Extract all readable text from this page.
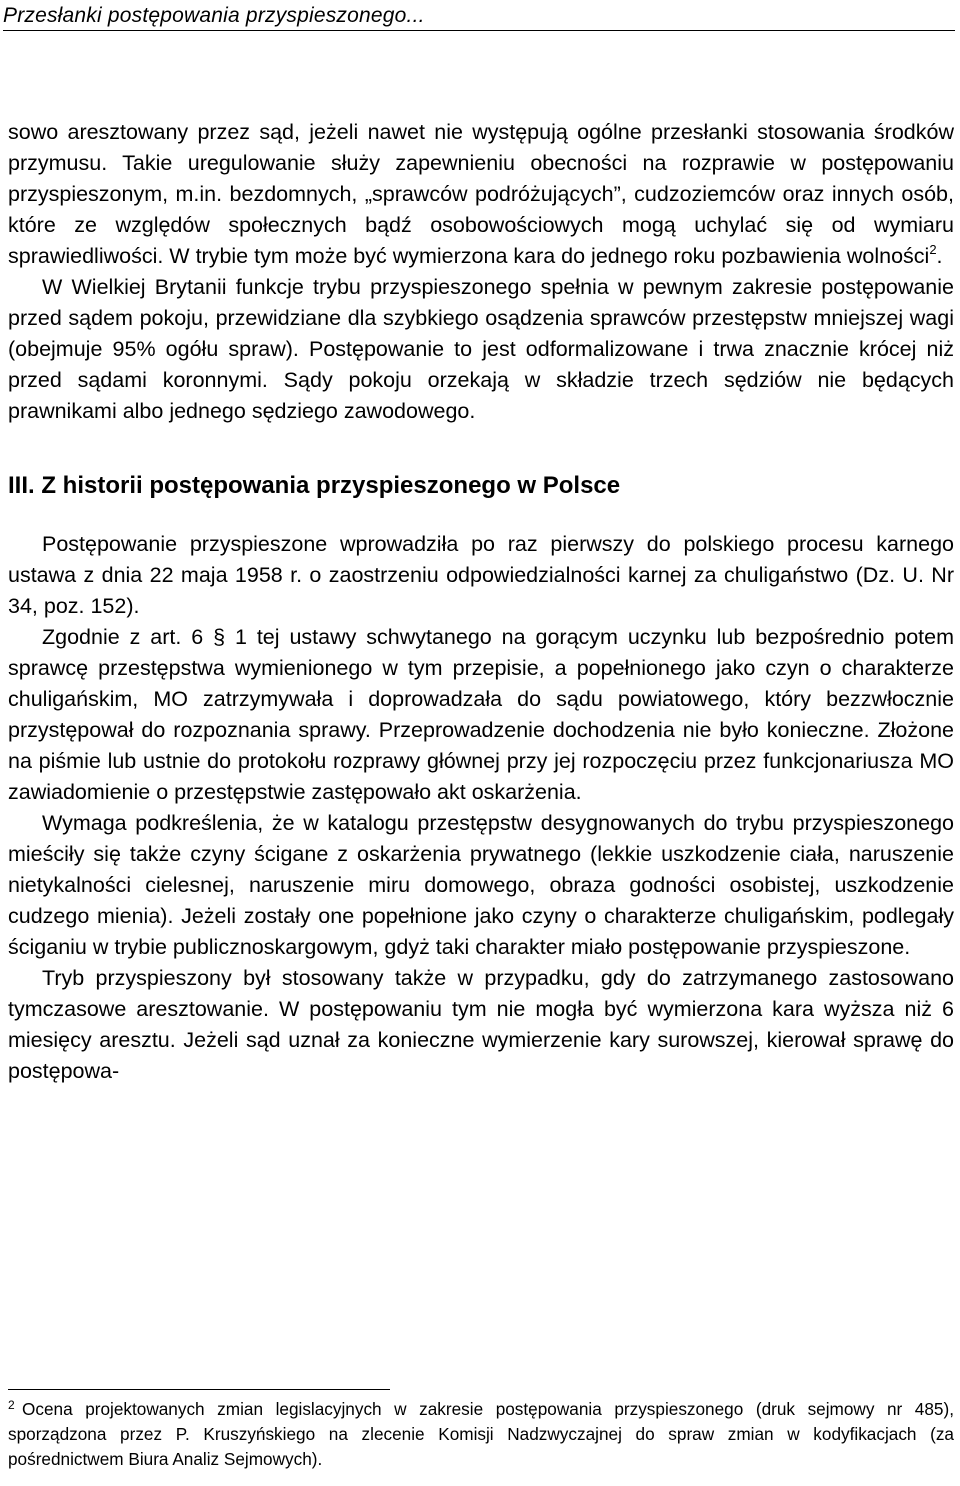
Przesłanki postępowania przyspieszonego...

sowo aresztowany przez sąd, jeżeli nawet nie występują ogólne przesłanki stosowania środków przymusu. Takie uregulowanie służy zapewnieniu obecności na rozprawie w postępowaniu przyspieszonym, m.in. bezdomnych, „sprawców podróżujących”, cudzoziemców oraz innych osób, które ze względów społecznych bądź osobowościowych mogą uchylać się od wymiaru sprawiedliwości. W trybie tym może być wymierzona kara do jednego roku pozbawienia wolności$^2$.

W Wielkiej Brytanii funkcje trybu przyspieszonego spełnia w pewnym zakresie postępowanie przed sądem pokoju, przewidziane dla szybkiego osądzenia sprawców przestępstw mniejszej wagi (obejmuje 95% ogółu spraw). Postępowanie to jest odformalizowane i trwa znacznie krócej niż przed sądami koronnymi. Sądy pokoju orzekają w składzie trzech sędziów nie będących prawnikami albo jednego sędziego zawodowego.

III. Z historii postępowania przyspieszonego w Polsce

Postępowanie przyspieszone wprowadziła po raz pierwszy do polskiego procesu karnego ustawa z dnia 22 maja 1958 r. o zaostrzeniu odpowiedzialności karnej za chuligaństwo (Dz. U. Nr 34, poz. 152).

Zgodnie z art. 6 § 1 tej ustawy schwytanego na gorącym uczynku lub bezpośrednio potem sprawcę przestępstwa wymienionego w tym przepisie, a popełnionego jako czyn o charakterze chuligańskim, MO zatrzymywała i doprowadzała do sądu powiatowego, który bezzwłocznie przystępował do rozpoznania sprawy. Przeprowadzenie dochodzenia nie było konieczne. Złożone na piśmie lub ustnie do protokołu rozprawy głównej przy jej rozpoczęciu przez funkcjonariusza MO zawiadomienie o przestępstwie zastępowało akt oskarżenia.

Wymaga podkreślenia, że w katalogu przestępstw desygnowanych do trybu przyspieszonego mieściły się także czyny ścigane z oskarżenia prywatnego (lekkie uszkodzenie ciała, naruszenie nietykalności cielesnej, naruszenie miru domowego, obraza godności osobistej, uszkodzenie cudzego mienia). Jeżeli zostały one popełnione jako czyny o charakterze chuligańskim, podlegały ściganiu w trybie publicznoskargowym, gdyż taki charakter miało postępowanie przyspieszone.

Tryb przyspieszony był stosowany także w przypadku, gdy do zatrzymanego zastosowano tymczasowe aresztowanie. W postępowaniu tym nie mogła być wymierzona kara wyższa niż 6 miesięcy aresztu. Jeżeli sąd uznał za konieczne wymierzenie kary surowszej, kierował sprawę do postępowa-

2 Ocena projektowanych zmian legislacyjnych w zakresie postępowania przyspieszonego (druk sejmowy nr 485), sporządzona przez P. Kruszyńskiego na zlecenie Komisji Nadzwyczajnej do spraw zmian w kodyfikacjach (za pośrednictwem Biura Analiz Sejmowych).
